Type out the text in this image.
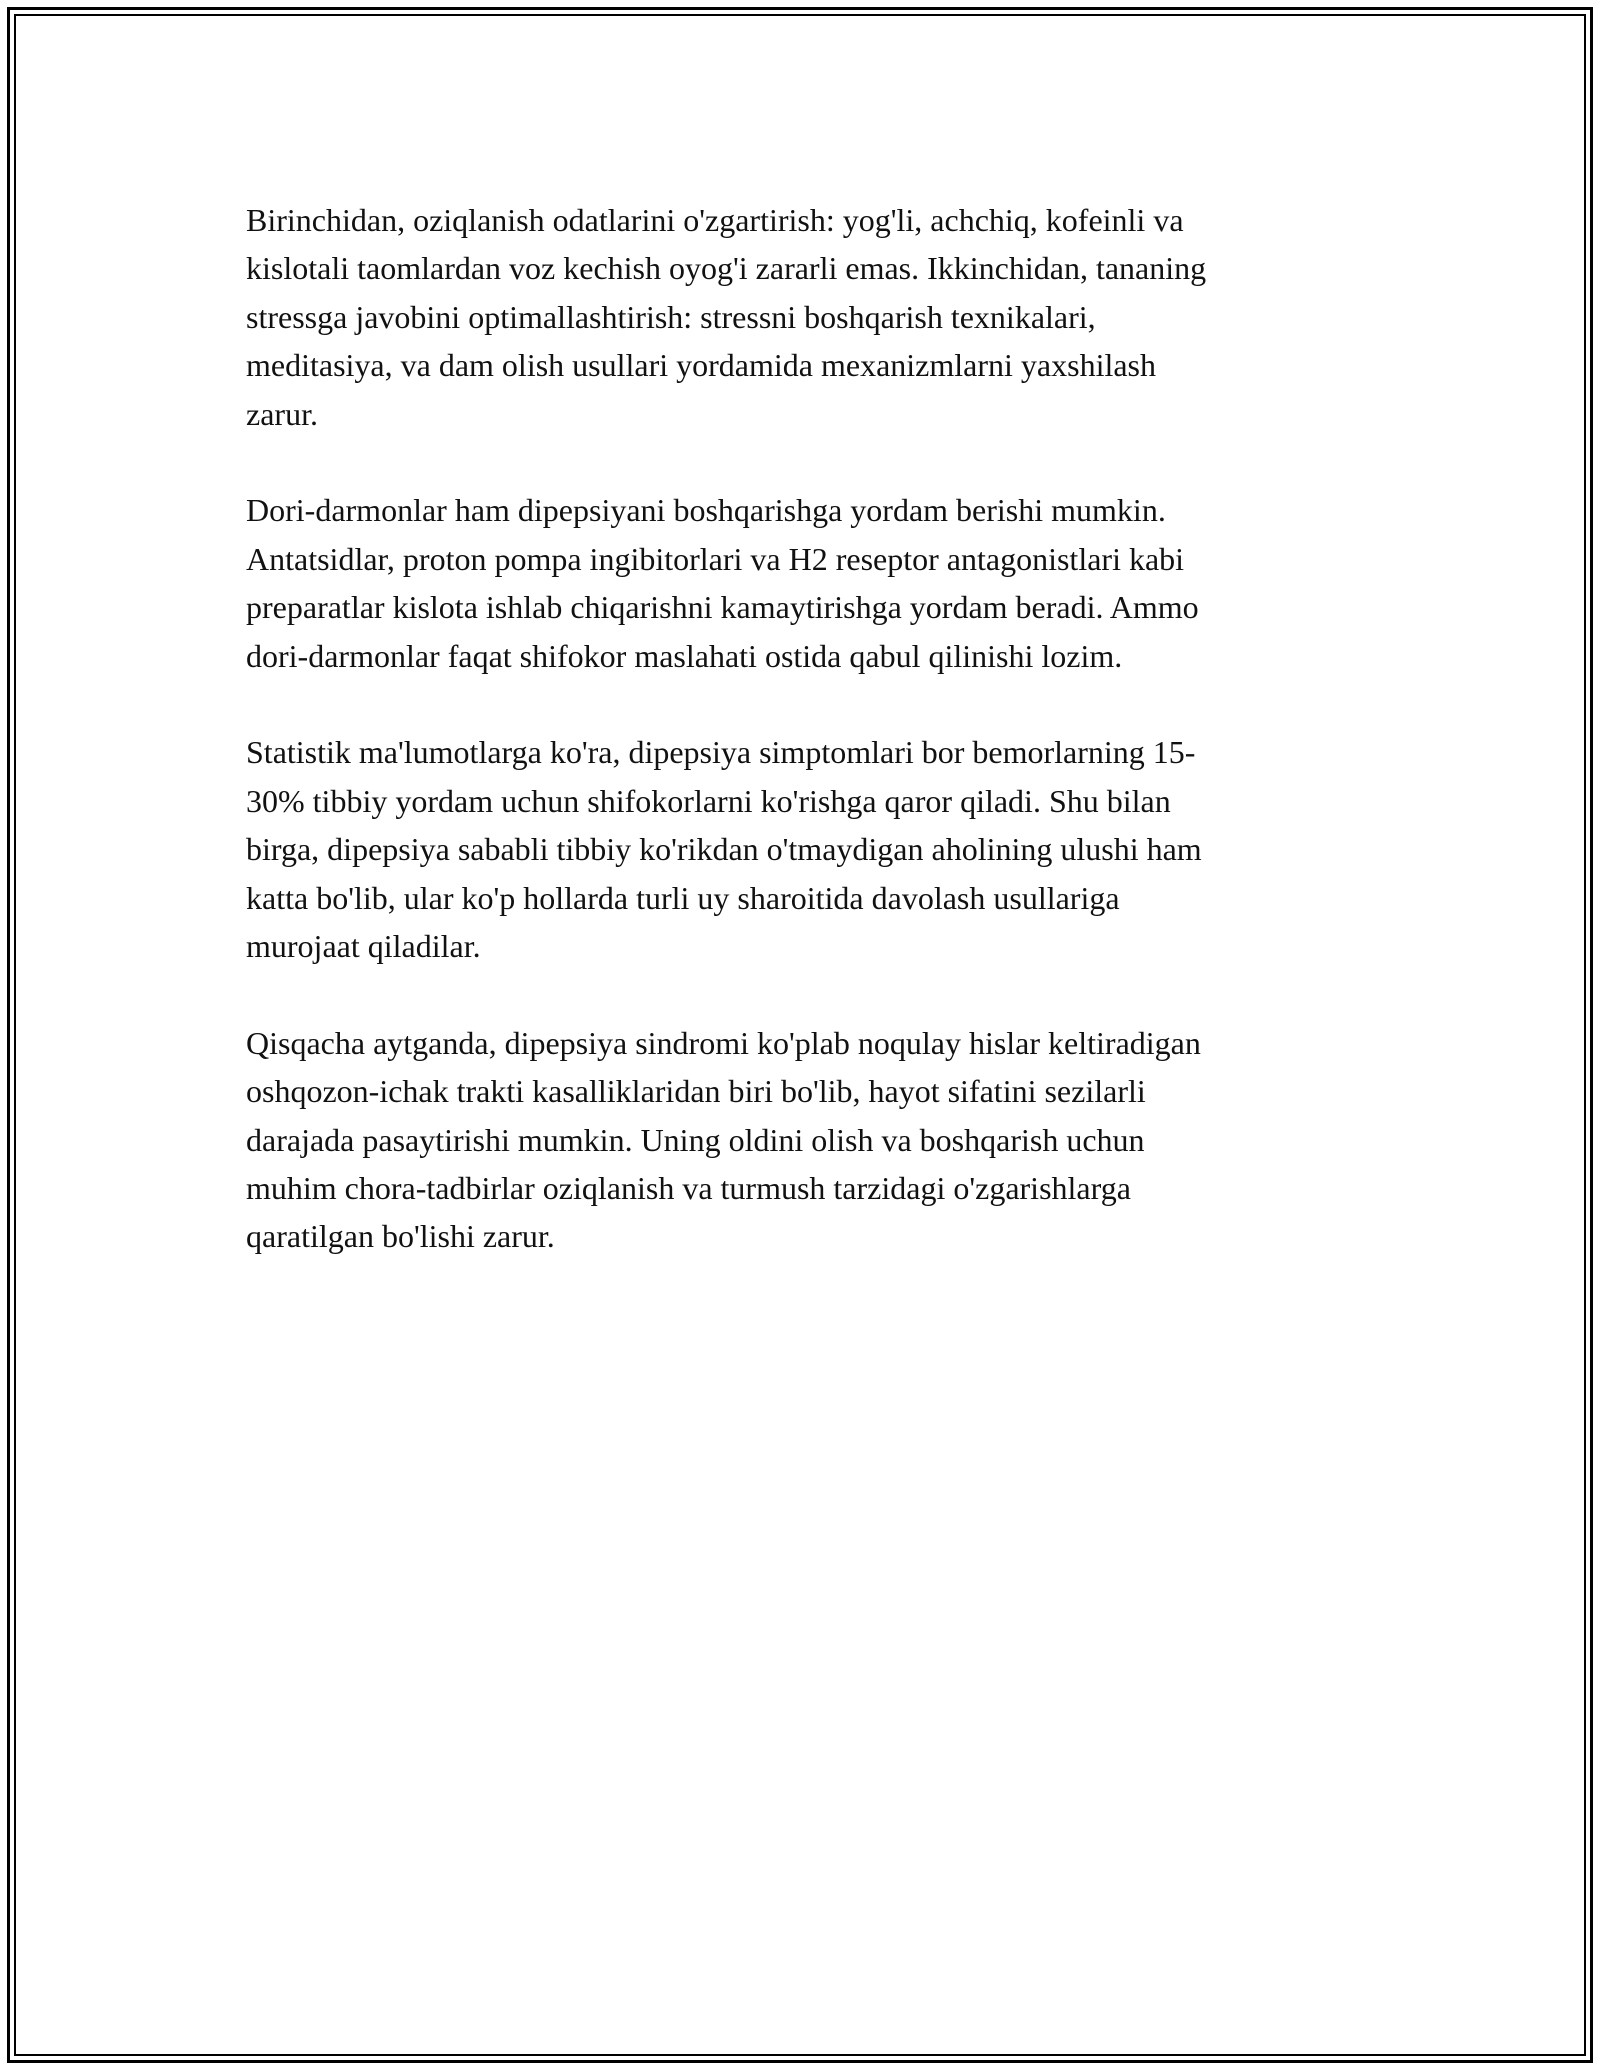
Birinchidan, oziqlanish odatlarini o'zgartirish: yog'li, achchiq, kofeinli va
kislotali taomlardan voz kechish oyog'i zararli emas. Ikkinchidan, tananing
stressga javobini optimallashtirish: stressni boshqarish texnikalari,
meditasiya, va dam olish usullari yordamida mexanizmlarni yaxshilash
zarur.

Dori-darmonlar ham dipepsiyani boshqarishga yordam berishi mumkin.
Antatsidlar, proton pompa ingibitorlari va H2 reseptor antagonistlari kabi
preparatlar kislota ishlab chiqarishni kamaytirishga yordam beradi. Ammo
dori-darmonlar faqat shifokor maslahati ostida qabul qilinishi lozim.

Statistik ma'lumotlarga ko'ra, dipepsiya simptomlari bor bemorlarning 15-
30% tibbiy yordam uchun shifokorlarni ko'rishga qaror qiladi. Shu bilan
birga, dipepsiya sababli tibbiy ko'rikdan o'tmaydigan aholining ulushi ham
katta bo'lib, ular ko'p hollarda turli uy sharoitida davolash usullariga
murojaat qiladilar.

Qisqacha aytganda, dipepsiya sindromi ko'plab noqulay hislar keltiradigan
oshqozon-ichak trakti kasalliklaridan biri bo'lib, hayot sifatini sezilarli
darajada pasaytirishi mumkin. Uning oldini olish va boshqarish uchun
muhim chora-tadbirlar oziqlanish va turmush tarzidagi o'zgarishlarga
qaratilgan bo'lishi zarur.
